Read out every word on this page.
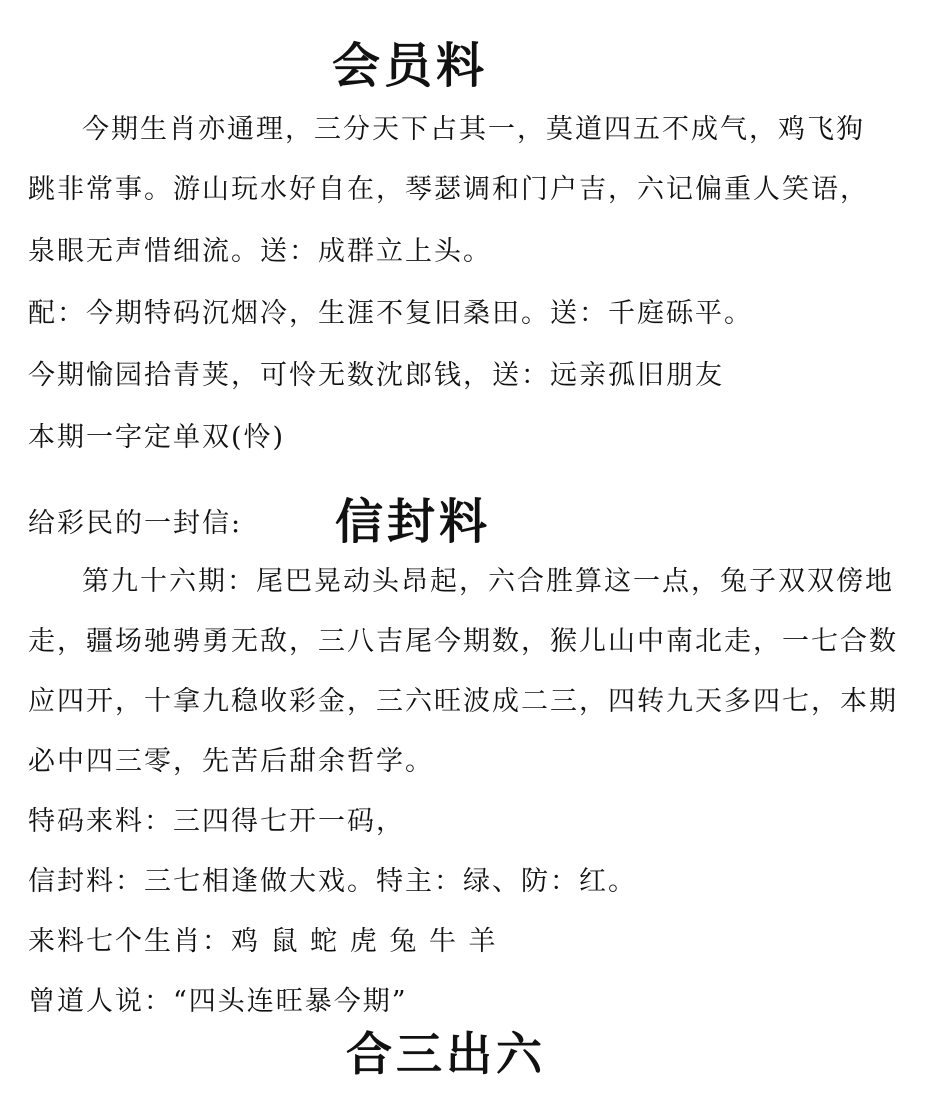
会员料
今期生肖亦通理，三分天下占其一，莫道四五不成气，鸡飞狗
跳非常事。游山玩水好自在，琴瑟调和门户吉，六记偏重人笑语，
泉眼无声惜细流。送：成群立上头。
配：今期特码沉烟冷，生涯不复旧桑田。送：千庭砾平。
今期愉园拾青荚，可怜无数沈郎钱，送：远亲孤旧朋友
本期一字定单双(怜)
给彩民的一封信: 信封料
第九十六期：尾巴晃动头昂起，六合胜算这一点，兔子双双傍地
走，疆场驰骋勇无敌，三八吉尾今期数，猴儿山中南北走，一七合数
应四开，十拿九稳收彩金，三六旺波成二三，四转九天多四七，本期
必中四三零，先苦后甜余哲学。
特码来料：三四得七开一码，
信封料：三七相逢做大戏。特主：绿、防：红。
来料七个生肖：鸡 鼠 蛇 虎 兔 牛 羊
曾道人说：“四头连旺暴今期”
合三出六
